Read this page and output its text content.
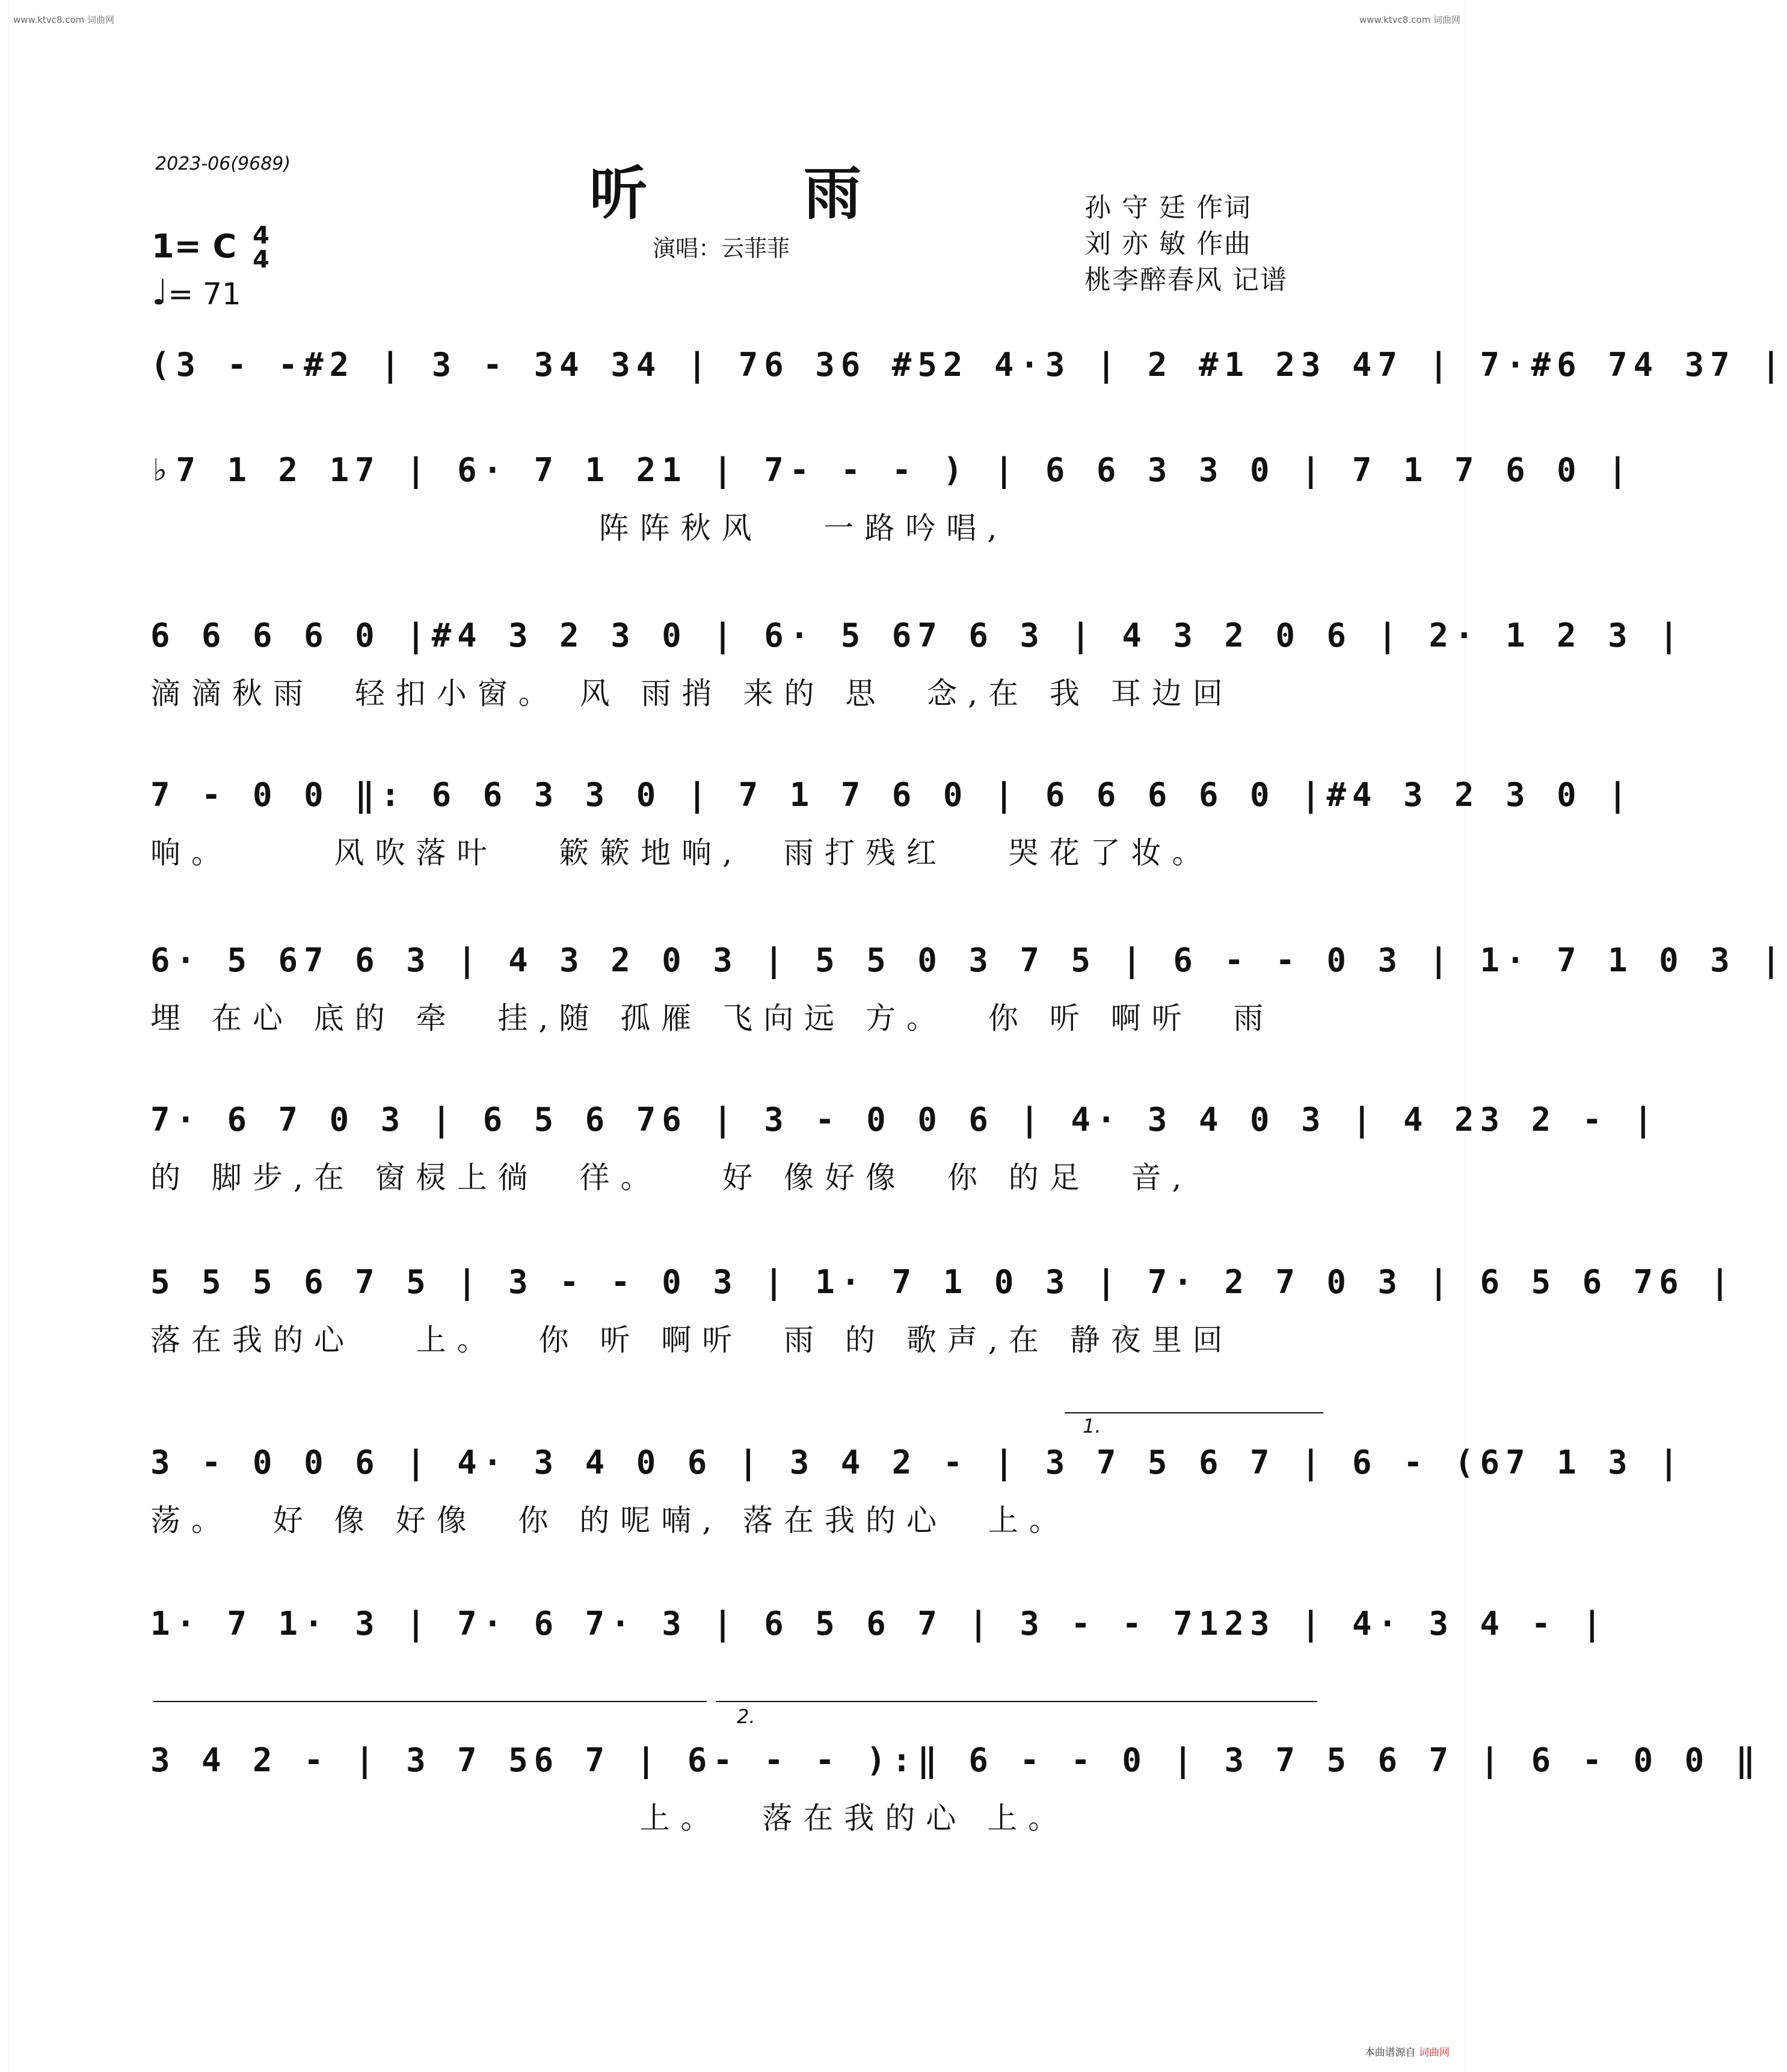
www.ktvc8.com 词曲网	www.ktvc8.com 词曲网
本曲谱源自 词曲网
2023-06(9689)	听雨
演唱：云菲菲
孙 守 廷 作词
刘 亦 敏 作曲
桃李醉春风 记谱
1= C 4
4
♩= 71
(3 - -#2 | 3 - 34 34 | 76 36 #52 4·3 | 2 #1 23 47 | 7·#6 74 37 |
♭7 1 2 17 | 6· 7 1 21 | 7- - - ) | 6 6 3 3 0 | 7 1 7 6 0 |
阵阵秋风   一路吟唱,
6 6 6 6 0 |#4 3 2 3 0 | 6· 5 67 6 3 | 4 3 2 0 6 | 2· 1 2 3 |
滴滴秋雨  轻扣小窗。 风 雨捎 来的 思  念,在 我 耳边回
7 - 0 0 ‖: 6 6 3 3 0 | 7 1 7 6 0 | 6 6 6 6 0 |#4 3 2 3 0 |
响。     风吹落叶   簌簌地响,  雨打残红   哭花了妆。
6· 5 67 6 3 | 4 3 2 0 3 | 5 5 0 3 7 5 | 6 - - 0 3 | 1· 7 1 0 3 |
埋 在心 底的 牵  挂,随 孤雁 飞向远 方。  你 听 啊听  雨
7· 6 7 0 3 | 6 5 6 76 | 3 - 0 0 6 | 4· 3 4 0 3 | 4 23 2 - |
的 脚步,在 窗棂上徜  徉。   好 像好像  你 的足  音,
5 5 5 6 7 5 | 3 - - 0 3 | 1· 7 1 0 3 | 7· 2 7 0 3 | 6 5 6 76 |
落在我的心   上。  你 听 啊听  雨 的 歌声,在 静夜里回
1.
3 - 0 0 6 | 4· 3 4 0 6 | 3 4 2 - | 3 7 5 6 7 | 6 - (67 1 3 |
荡。  好 像 好像  你 的呢喃, 落在我的心  上。
1· 7 1· 3 | 7· 6 7· 3 | 6 5 6 7 | 3 - - 7123 | 4· 3 4 - |
2.
3 4 2 - | 3 7 56 7 | 6- - - ):‖ 6 - - 0 | 3 7 5 6 7 | 6 - 0 0 ‖
上。  落在我的心 上。
